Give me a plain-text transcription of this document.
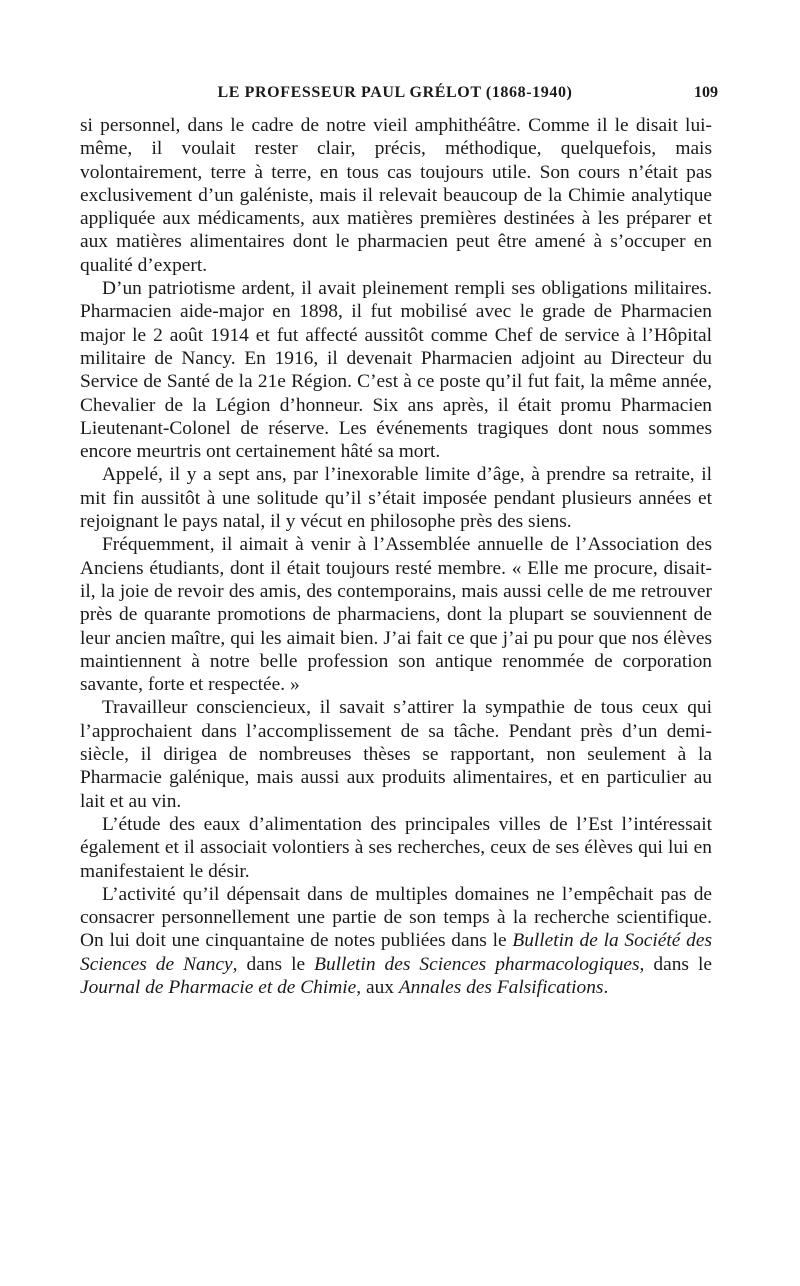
LE PROFESSEUR PAUL GRÉLOT (1868-1940)	109

si personnel, dans le cadre de notre vieil amphithéâtre. Comme il le disait lui-même, il voulait rester clair, précis, méthodique, quelquefois, mais volontairement, terre à terre, en tous cas toujours utile. Son cours n’était pas exclusivement d’un galéniste, mais il relevait beaucoup de la Chimie analytique appliquée aux médicaments, aux matières premières destinées à les préparer et aux matières alimentaires dont le pharmacien peut être amené à s’occuper en qualité d’expert.

D’un patriotisme ardent, il avait pleinement rempli ses obligations militaires. Pharmacien aide-major en 1898, il fut mobilisé avec le grade de Pharmacien major le 2 août 1914 et fut affecté aussitôt comme Chef de service à l’Hôpital militaire de Nancy. En 1916, il devenait Pharmacien adjoint au Directeur du Service de Santé de la 21e Région. C’est à ce poste qu’il fut fait, la même année, Chevalier de la Légion d’honneur. Six ans après, il était promu Pharmacien Lieutenant-Colonel de réserve. Les événements tragiques dont nous sommes encore meurtris ont certainement hâté sa mort.

Appelé, il y a sept ans, par l’inexorable limite d’âge, à prendre sa retraite, il mit fin aussitôt à une solitude qu’il s’était imposée pendant plusieurs années et rejoignant le pays natal, il y vécut en philosophe près des siens.

Fréquemment, il aimait à venir à l’Assemblée annuelle de l’Association des Anciens étudiants, dont il était toujours resté membre. « Elle me procure, disait-il, la joie de revoir des amis, des contemporains, mais aussi celle de me retrouver près de quarante promotions de pharmaciens, dont la plupart se souviennent de leur ancien maître, qui les aimait bien. J’ai fait ce que j’ai pu pour que nos élèves maintiennent à notre belle profession son antique renommée de corporation savante, forte et respectée. »

Travailleur consciencieux, il savait s’attirer la sympathie de tous ceux qui l’approchaient dans l’accomplissement de sa tâche. Pendant près d’un demi-siècle, il dirigea de nombreuses thèses se rapportant, non seulement à la Pharmacie galénique, mais aussi aux produits alimentaires, et en particulier au lait et au vin.

L’étude des eaux d’alimentation des principales villes de l’Est l’intéressait également et il associait volontiers à ses recherches, ceux de ses élèves qui lui en manifestaient le désir.

L’activité qu’il dépensait dans de multiples domaines ne l’empêchait pas de consacrer personnellement une partie de son temps à la recherche scientifique. On lui doit une cinquantaine de notes publiées dans le Bulletin de la Société des Sciences de Nancy, dans le Bulletin des Sciences pharmacologiques, dans le Journal de Pharmacie et de Chimie, aux Annales des Falsifications.
